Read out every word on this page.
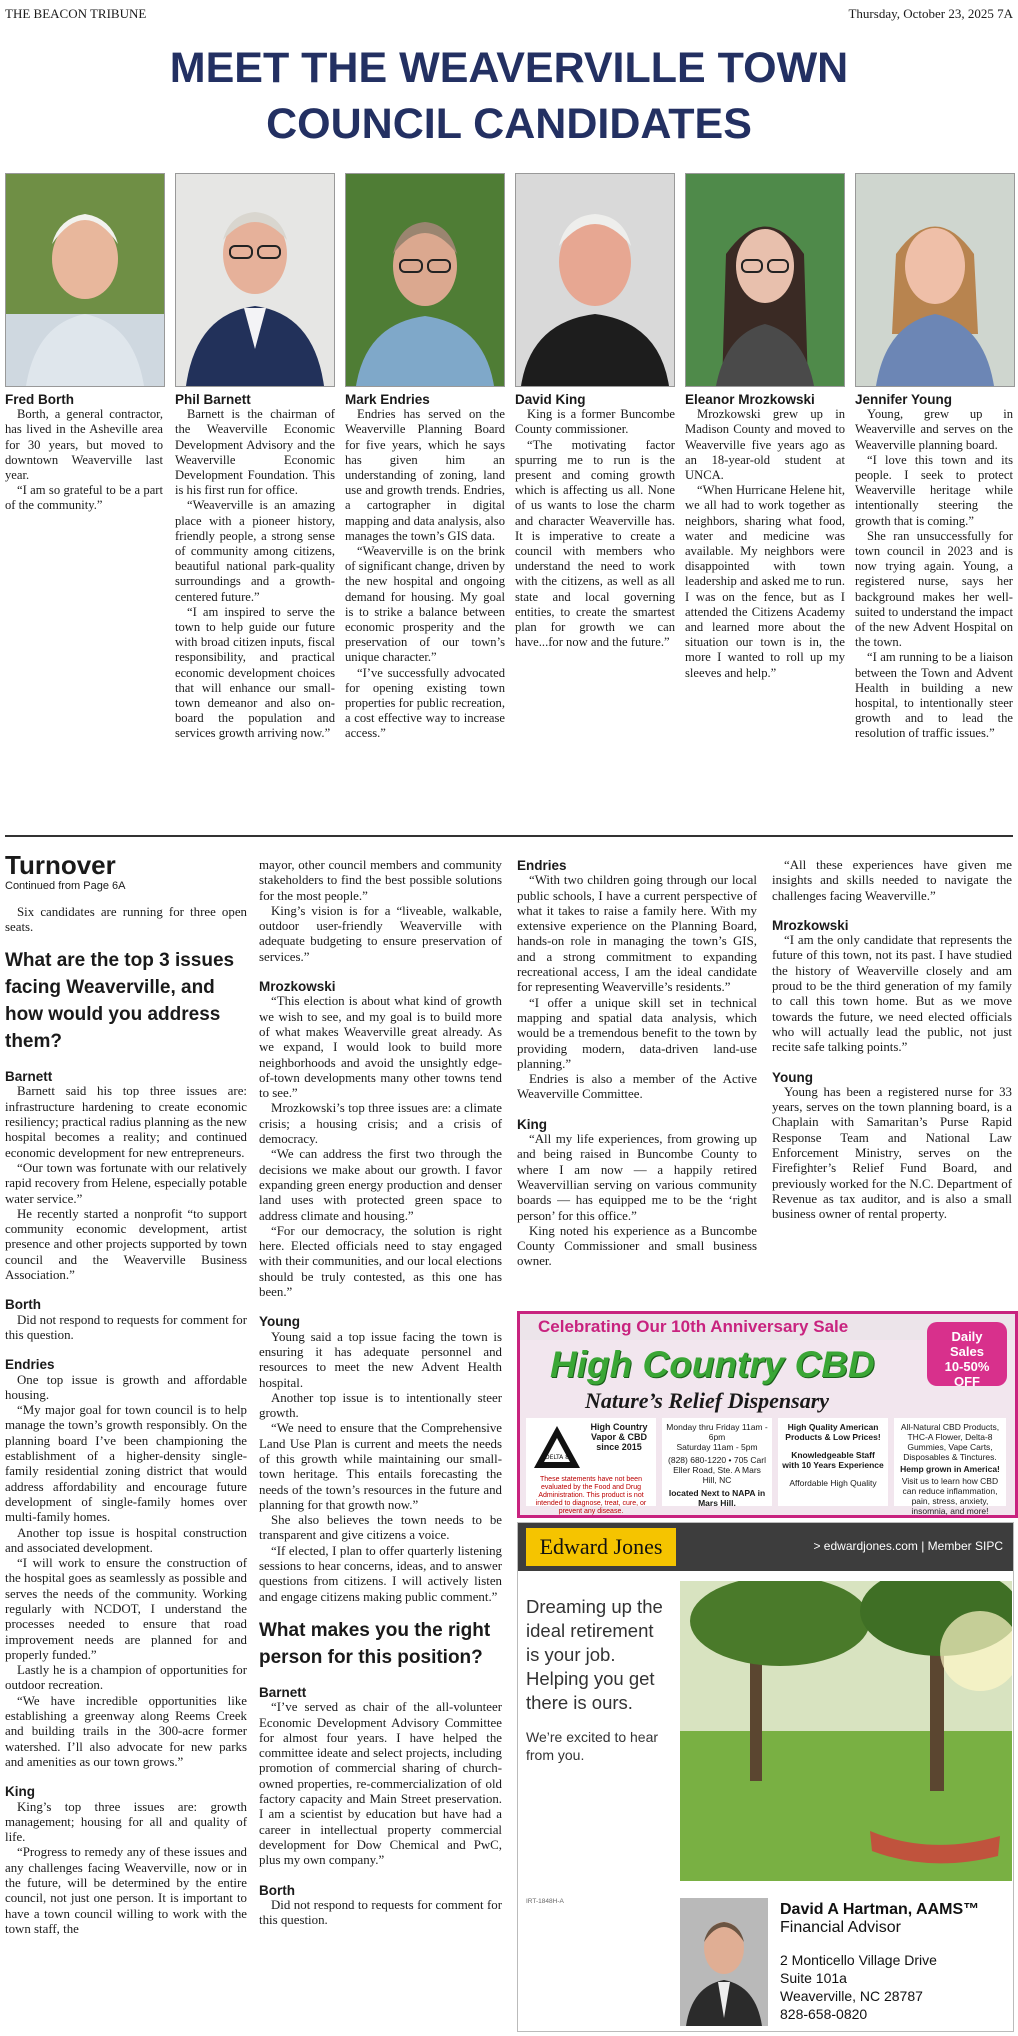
THE BEACON TRIBUNE	Thursday, October 23, 2025 7A
MEET THE WEAVERVILLE TOWN
COUNCIL CANDIDATES
Fred Borth

Borth, a general contractor, has lived in the Asheville area for 30 years, but moved to downtown Weaverville last year.

“I am so grateful to be a part of the community.”

Phil Barnett

Barnett is the chairman of the Weaverville Economic Development Advisory and the Weaverville Economic Development Foundation. This is his first run for office.

“Weaverville is an amazing place with a pioneer history, friendly people, a strong sense of community among citizens, beautiful national park-quality surroundings and a growth-centered future.”

“I am inspired to serve the town to help guide our future with broad citizen inputs, fiscal responsibility, and practical economic development choices that will enhance our small-town demeanor and also on-board the population and services growth arriving now.”

Mark Endries

Endries has served on the Weaverville Planning Board for five years, which he says has given him an understanding of zoning, land use and growth trends. Endries, a cartographer in digital mapping and data analysis, also manages the town’s GIS data.

“Weaverville is on the brink of significant change, driven by the new hospital and ongoing demand for housing. My goal is to strike a balance between economic prosperity and the preservation of our town’s unique character.”

“I’ve successfully advocated for opening existing town properties for public recreation, a cost effective way to increase access.”

David King

King is a former Buncombe County commissioner.

“The motivating factor spurring me to run is the present and coming growth which is affecting us all. None of us wants to lose the charm and character Weaverville has. It is imperative to create a council with members who understand the need to work with the citizens, as well as all state and local governing entities, to create the smartest plan for growth we can have...for now and the future.”

Eleanor Mrozkowski

Mrozkowski grew up in Madison County and moved to Weaverville five years ago as an 18-year-old student at UNCA.

“When Hurricane Helene hit, we all had to work together as neighbors, sharing what food, water and medicine was available. My neighbors were disappointed with town leadership and asked me to run. I was on the fence, but as I attended the Citizens Academy and learned more about the situation our town is in, the more I wanted to roll up my sleeves and help.”

Jennifer Young

Young, grew up in Weaverville and serves on the Weaverville planning board.

“I love this town and its people. I seek to protect Weaverville heritage while intentionally steering the growth that is coming.”

She ran unsuccessfully for town council in 2023 and is now trying again. Young, a registered nurse, says her background makes her well-suited to understand the impact of the new Advent Hospital on the town.

“I am running to be a liaison between the Town and Advent Health in building a new hospital, to intentionally steer growth and to lead the resolution of traffic issues.”

Turnover
Continued from Page 6A

Six candidates are running for three open seats.

What are the top 3 issues facing Weaverville, and how would you address them?
Barnett

Barnett said his top three issues are: infrastructure hardening to create economic resiliency; practical radius planning as the new hospital becomes a reality; and continued economic development for new entrepreneurs.

“Our town was fortunate with our relatively rapid recovery from Helene, especially potable water service.”

He recently started a nonprofit “to support community economic development, artist presence and other projects supported by town council and the Weaverville Business Association.”

Borth

Did not respond to requests for comment for this question.

Endries

One top issue is growth and affordable housing.

“My major goal for town council is to help manage the town’s growth responsibly. On the planning board I’ve been championing the establishment of a higher-density single-family residential zoning district that would address affordability and encourage future development of single-family homes over multi-family homes.

Another top issue is hospital construction and associated development.

“I will work to ensure the construction of the hospital goes as seamlessly as possible and serves the needs of the community. Working regularly with NCDOT, I understand the processes needed to ensure that road improvement needs are planned for and properly funded.”

Lastly he is a champion of opportunities for outdoor recreation.

“We have incredible opportunities like establishing a greenway along Reems Creek and building trails in the 300-acre former watershed. I’ll also advocate for new parks and amenities as our town grows.”

King

King’s top three issues are: growth management; housing for all and quality of life.

“Progress to remedy any of these issues and any challenges facing Weaverville, now or in the future, will be determined by the entire council, not just one person. It is important to have a town council willing to work with the town staff, the

mayor, other council members and community stakeholders to find the best possible solutions for the most people.”

King’s vision is for a “liveable, walkable, outdoor user-friendly Weaverville with adequate budgeting to ensure preservation of services.”

Mrozkowski

“This election is about what kind of growth we wish to see, and my goal is to build more of what makes Weaverville great already. As we expand, I would look to build more neighborhoods and avoid the unsightly edge-of-town developments many other towns tend to see.”

Mrozkowski’s top three issues are: a climate crisis; a housing crisis; and a crisis of democracy.

“We can address the first two through the decisions we make about our growth. I favor expanding green energy production and denser land uses with protected green space to address climate and housing.”

“For our democracy, the solution is right here. Elected officials need to stay engaged with their communities, and our local elections should be truly contested, as this one has been.”

Young

Young said a top issue facing the town is ensuring it has adequate personnel and resources to meet the new Advent Health hospital.

Another top issue is to intentionally steer growth.

“We need to ensure that the Comprehensive Land Use Plan is current and meets the needs of this growth while maintaining our small-town heritage. This entails forecasting the needs of the town’s resources in the future and planning for that growth now.”

She also believes the town needs to be transparent and give citizens a voice.

“If elected, I plan to offer quarterly listening sessions to hear concerns, ideas, and to answer questions from citizens. I will actively listen and engage citizens making public comment.”

What makes you the right person for this position?
Barnett

“I’ve served as chair of the all-volunteer Economic Development Advisory Committee for almost four years. I have helped the committee ideate and select projects, including promotion of commercial sharing of church-owned properties, re-commercialization of old factory capacity and Main Street preservation. I am a scientist by education but have had a career in intellectual property commercial development for Dow Chemical and PwC, plus my own company.”

Borth

Did not respond to requests for comment for this question.

Endries

“With two children going through our local public schools, I have a current perspective of what it takes to raise a family here. With my extensive experience on the Planning Board, hands-on role in managing the town’s GIS, and a strong commitment to expanding recreational access, I am the ideal candidate for representing Weaverville’s residents.”

“I offer a unique skill set in technical mapping and spatial data analysis, which would be a tremendous benefit to the town by providing modern, data-driven land-use planning.”

Endries is also a member of the Active Weaverville Committee.

King

“All my life experiences, from growing up and being raised in Buncombe County to where I am now — a happily retired Weavervillian serving on various community boards — has equipped me to be the ‘right person’ for this office.”

King noted his experience as a Buncombe County Commissioner and small business owner.

“All these experiences have given me insights and skills needed to navigate the challenges facing Weaverville.”

Mrozkowski

“I am the only candidate that represents the future of this town, not its past. I have studied the history of Weaverville closely and am proud to be the third generation of my family to call this town home. But as we move towards the future, we need elected officials who will actually lead the public, not just recite safe talking points.”

Young

Young has been a registered nurse for 33 years, serves on the town planning board, is a Chaplain with Samaritan’s Purse Rapid Response Team and National Law Enforcement Ministry, serves on the Firefighter’s Relief Fund Board, and previously worked for the N.C. Department of Revenue as tax auditor, and is also a small business owner of rental property.

Celebrating Our 10th Anniversary Sale
Daily
Sales
10-50%
OFF
High Country CBD
Nature’s Relief Dispensary
DELTA 8
High Country Vapor & CBD since 2015
These statements have not been evaluated by the Food and Drug Administration. This product is not intended to diagnose, treat, cure, or prevent any disease.
Monday thru Friday 11am - 6pm
Saturday 11am - 5pm
(828) 680-1220 • 705 Carl Eller Road, Ste. A Mars Hill, NC
located Next to NAPA in Mars Hill.
High Quality American Products & Low Prices!
Knowledgeable Staff with 10 Years Experience
Affordable High Quality
All-Natural CBD Products, THC-A Flower, Delta-8 Gummies, Vape Carts, Disposables & Tinctures.
Hemp grown in America!
Visit us to learn how CBD can reduce inflammation, pain, stress, anxiety, insomnia, and more!
Edward Jones	> edwardjones.com | Member SIPC
Dreaming up the ideal retirement is your job. Helping you get there is ours.
We’re excited to hear from you.
IRT-1848H-A	David A Hartman, AAMS™
Financial Advisor
2 Monticello Village Drive
Suite 101a
Weaverville, NC 28787
828-658-0820
